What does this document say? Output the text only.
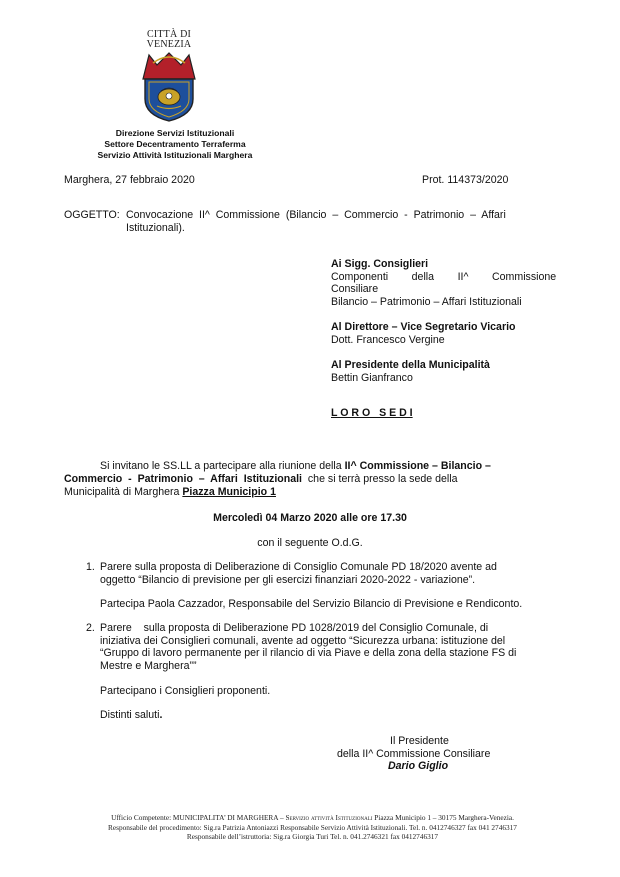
CITTÀ DI
VENEZIA
Direzione Servizi Istituzionali
Settore Decentramento Terraferma
Servizio Attività Istituzionali Marghera
Marghera, 27 febbraio 2020	Prot. 114373/2020
OGGETTO: Convocazione  II^  Commissione  (Bilancio  –  Commercio  -  Patrimonio  –  Affari
Istituzionali).
Ai Sigg. Consiglieri
Componenti        della        II^        Commissione
Consiliare
Bilancio – Patrimonio – Affari Istituzionali
Al Direttore – Vice Segretario Vicario
Dott. Francesco Vergine
Al Presidente della Municipalità
Bettin Gianfranco
L O R O   S E D I
Si invitano le SS.LL a partecipare alla riunione della II^ Commissione – Bilancio –
Commercio  -  Patrimonio  –  Affari  Istituzionali  che si terrà presso la sede della
Municipalità di Marghera Piazza Municipio 1
Mercoledì 04 Marzo 2020 alle ore 17.30
con il seguente O.d.G.
1. Parere sulla proposta di Deliberazione di Consiglio Comunale PD 18/2020 avente ad
oggetto “Bilancio di previsione per gli esercizi finanziari 2020-2022 - variazione”.
Partecipa Paola Cazzador, Responsabile del Servizio Bilancio di Previsione e Rendiconto.
2. Parere    sulla proposta di Deliberazione PD 1028/2019 del Consiglio Comunale, di
iniziativa dei Consiglieri comunali, avente ad oggetto “Sicurezza urbana: istituzione del
“Gruppo di lavoro permanente per il rilancio di via Piave e della zona della stazione FS di
Mestre e Marghera””
Partecipano i Consiglieri proponenti.
Distinti saluti.
Il Presidente
della II^ Commissione Consiliare
Dario Giglio
Ufficio Competente: MUNICIPALITA’ DI MARGHERA – Servizio attività Istituzionali Piazza Municipio 1 – 30175 Marghera-Venezia.
Responsabile del procedimento: Sig.ra Patrizia Antoniazzi Responsabile Servizio Attività Istituzionali. Tel. n. 0412746327 fax 041 2746317
Responsabile dell’istruttoria: Sig.ra Giorgia Turi Tel. n. 041.2746321 fax 0412746317
